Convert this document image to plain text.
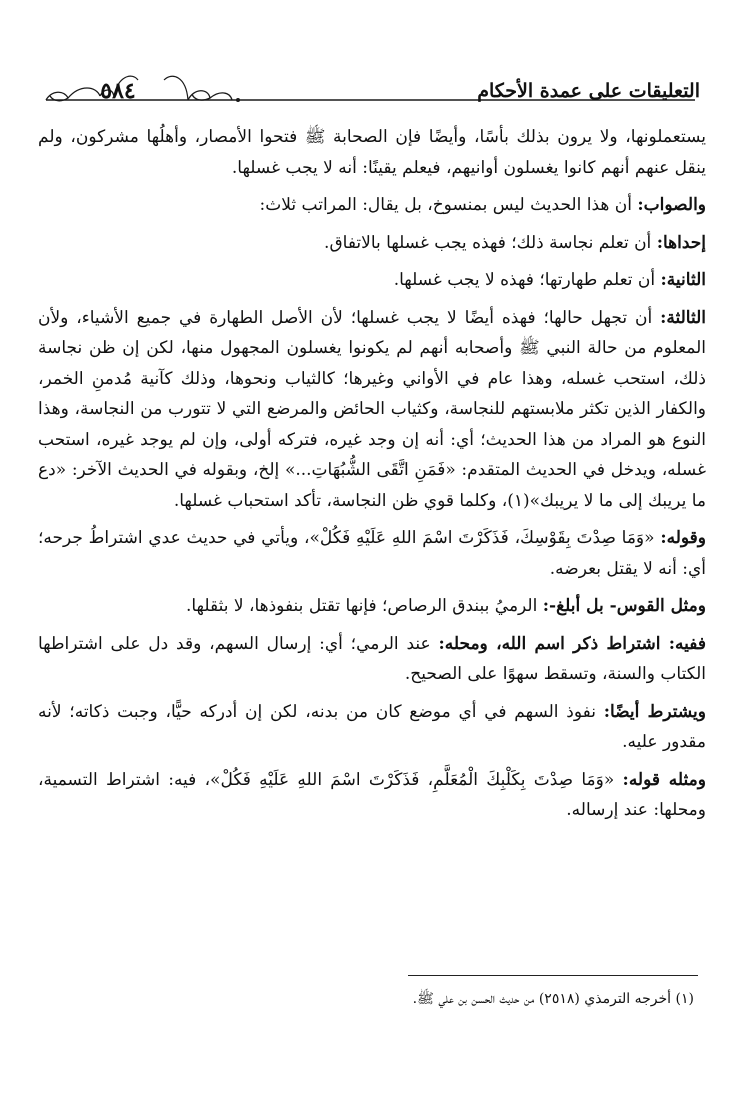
٥٨٤	التعليقات على عمدة الأحكام

يستعملونها، ولا يرون بذلك بأسًا، وأيضًا فإن الصحابة ﷺ فتحوا الأمصار، وأهلُها مشركون، ولم ينقل عنهم أنهم كانوا يغسلون أوانيهم، فيعلم يقينًا: أنه لا يجب غسلها.

والصواب: أن هذا الحديث ليس بمنسوخ، بل يقال: المراتب ثلاث:

إحداها: أن تعلم نجاسة ذلك؛ فهذه يجب غسلها بالاتفاق.

الثانية: أن تعلم طهارتها؛ فهذه لا يجب غسلها.

الثالثة: أن تجهل حالها؛ فهذه أيضًا لا يجب غسلها؛ لأن الأصل الطهارة في جميع الأشياء، ولأن المعلوم من حالة النبي ﷺ وأصحابه أنهم لم يكونوا يغسلون المجهول منها، لكن إن ظن نجاسة ذلك، استحب غسله، وهذا عام في الأواني وغيرها؛ كالثياب ونحوها، وذلك كآنية مُدمنِ الخمر، والكفار الذين تكثر ملابستهم للنجاسة، وكثياب الحائض والمرضع التي لا تتورب من النجاسة، وهذا النوع هو المراد من هذا الحديث؛ أي: أنه إن وجد غيره، فتركه أولى، وإن لم يوجد غيره، استحب غسله، ويدخل في الحديث المتقدم: «فَمَنِ اتَّقَى الشُّبُهَاتِ...» إلخ، وبقوله في الحديث الآخر: «دع ما يريبك إلى ما لا يريبك»(١)، وكلما قوي ظن النجاسة، تأكد استحباب غسلها.

وقوله: «وَمَا صِدْتَ بِقَوْسِكَ، فَذَكَرْتَ اسْمَ اللهِ عَلَيْهِ فَكُلْ»، ويأتي في حديث عدي اشتراطُ جرحه؛ أي: أنه لا يقتل بعرضه.

ومثل القوس- بل أبلغ-: الرميُ ببندق الرصاص؛ فإنها تقتل بنفوذها، لا بثقلها.

ففيه: اشتراط ذكر اسم الله، ومحله: عند الرمي؛ أي: إرسال السهم، وقد دل على اشتراطها الكتاب والسنة، وتسقط سهوًا على الصحيح.

ويشترط أيضًا: نفوذ السهم في أي موضع كان من بدنه، لكن إن أدركه حيًّا، وجبت ذكاته؛ لأنه مقدور عليه.

ومثله قوله: «وَمَا صِدْتَ بِكَلْبِكَ الْمُعَلَّمِ، فَذَكَرْتَ اسْمَ اللهِ عَلَيْهِ فَكُلْ»، فيه: اشتراط التسمية، ومحلها: عند إرساله.

(١) أخرجه الترمذي (٢٥١٨) من حديث الحسن بن علي ﷺ.
